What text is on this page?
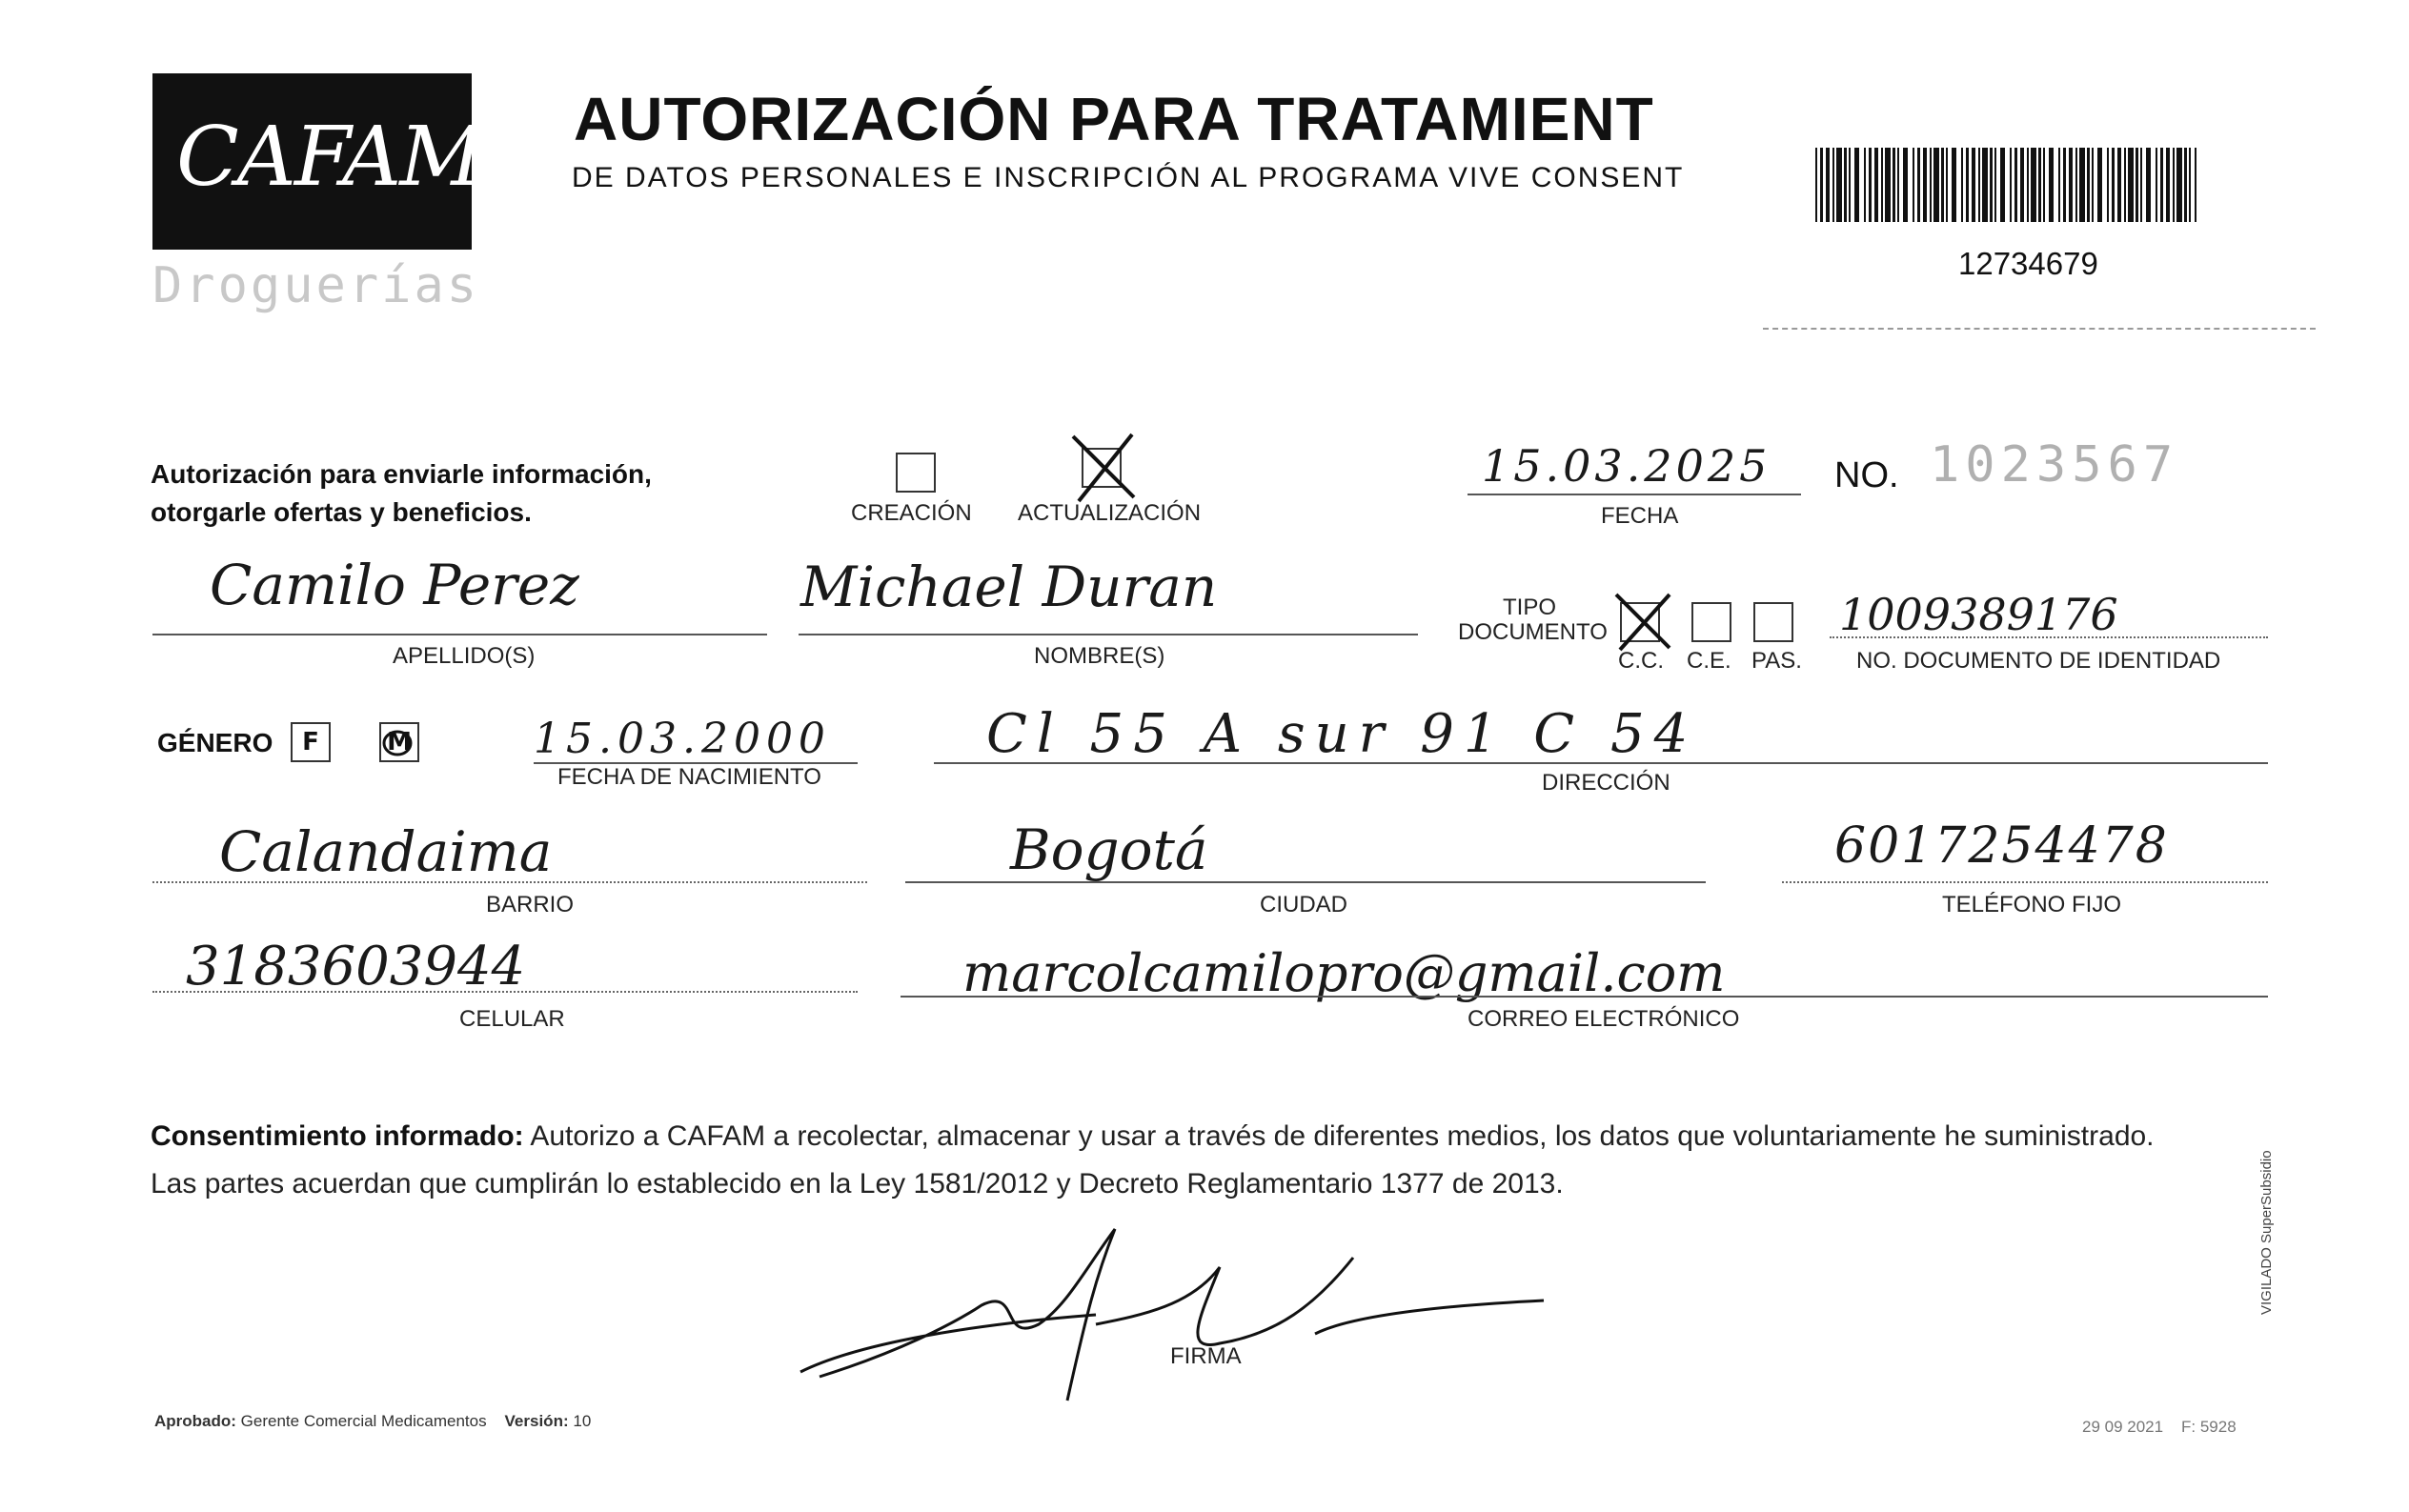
CAFAM
Droguerías
AUTORIZACIÓN PARA TRATAMIENT
DE DATOS PERSONALES E INSCRIPCIÓN AL PROGRAMA VIVE CONSENT
12734679
Autorización para enviarle información, otorgarle ofertas y beneficios.	CREACIÓN ACTUALIZACIÓN
15.03.2025
FECHA
NO. 1023567
Camilo Perez
APELLIDO(S)
Michael Duran
NOMBRE(S)
TIPO DOCUMENTO
C.C. C.E. PAS.
1009389176
NO. DOCUMENTO DE IDENTIDAD
GÉNERO	F	M	15.03.2000
FECHA DE NACIMIENTO
Cl 55 A sur 91 C 54
DIRECCIÓN
Calandaima
BARRIO
Bogotá
CIUDAD
6017254478
TELÉFONO FIJO
3183603944
CELULAR
marcolcamilopro@gmail.com
CORREO ELECTRÓNICO
Consentimiento informado: Autorizo a CAFAM a recolectar, almacenar y usar a través de diferentes medios, los datos que voluntariamente he suministrado.
Las partes acuerdan que cumplirán lo establecido en la Ley 1581/2012 y Decreto Reglamentario 1377 de 2013.
FIRMA
Aprobado: Gerente Comercial Medicamentos Versión: 10	29 09 2021 F: 5928
VIGILADO SuperSubsidio
